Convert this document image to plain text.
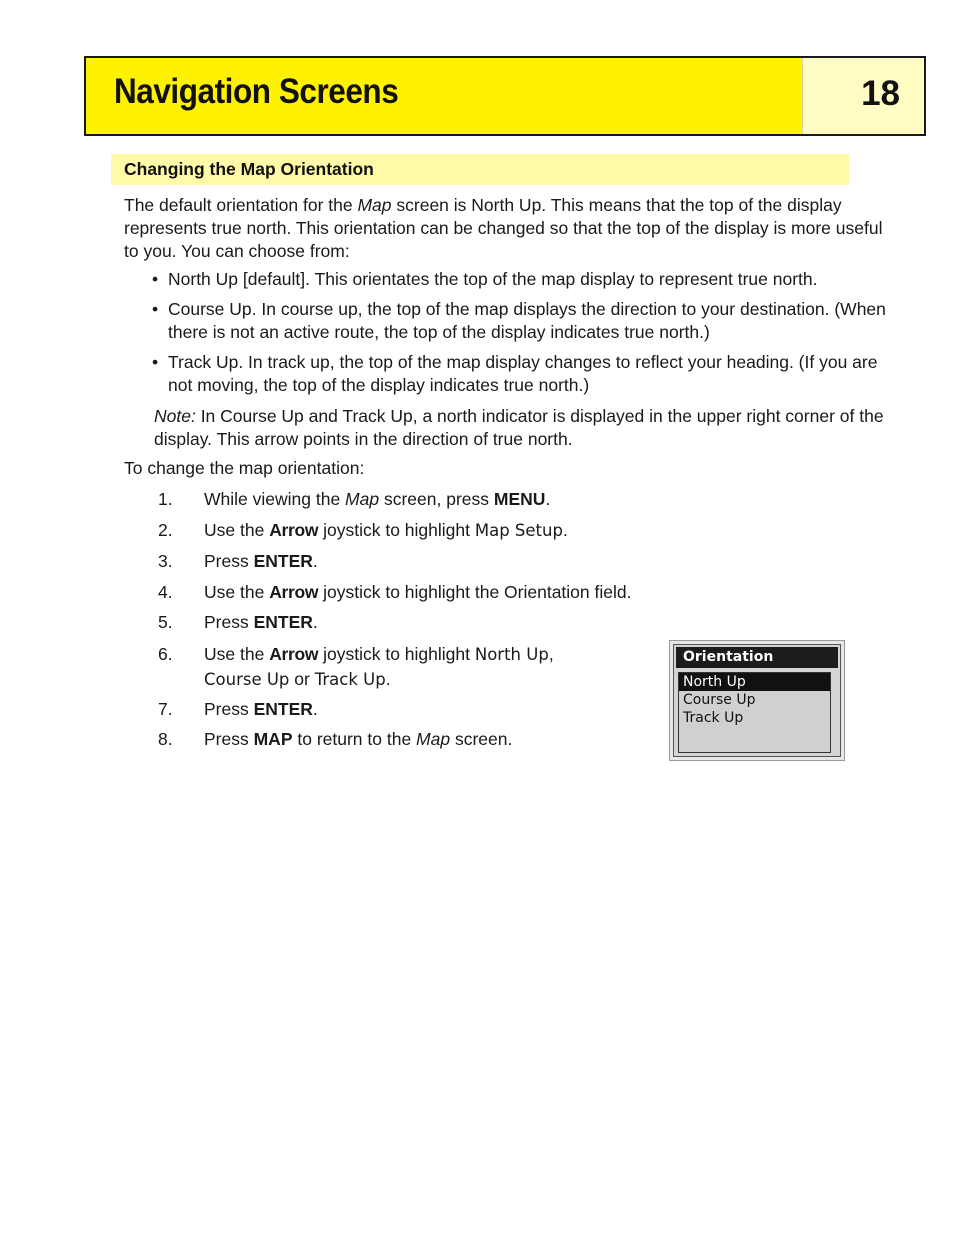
Navigation Screens	18
Changing the Map Orientation
The default orientation for the Map screen is North Up. This means that the top of the display represents true north. This orientation can be changed so that the top of the display is more useful to you. You can choose from:
• North Up [default]. This orientates the top of the map display to represent true north.
• Course Up. In course up, the top of the map displays the direction to your destination. (When there is not an active route, the top of the display indicates true north.)
• Track Up. In track up, the top of the map display changes to reflect your heading. (If you are not moving, the top of the display indicates true north.)
Note: In Course Up and Track Up, a north indicator is displayed in the upper right corner of the display. This arrow points in the direction of true north.
To change the map orientation:
1. While viewing the Map screen, press MENU.
2. Use the Arrow joystick to highlight Map Setup.
3. Press ENTER.
4. Use the Arrow joystick to highlight the Orientation field.
5. Press ENTER.
6. Use the Arrow joystick to highlight North Up,
Course Up or Track Up.
7. Press ENTER.
8. Press MAP to return to the Map screen.
Orientation
North Up
Course Up
Track Up
